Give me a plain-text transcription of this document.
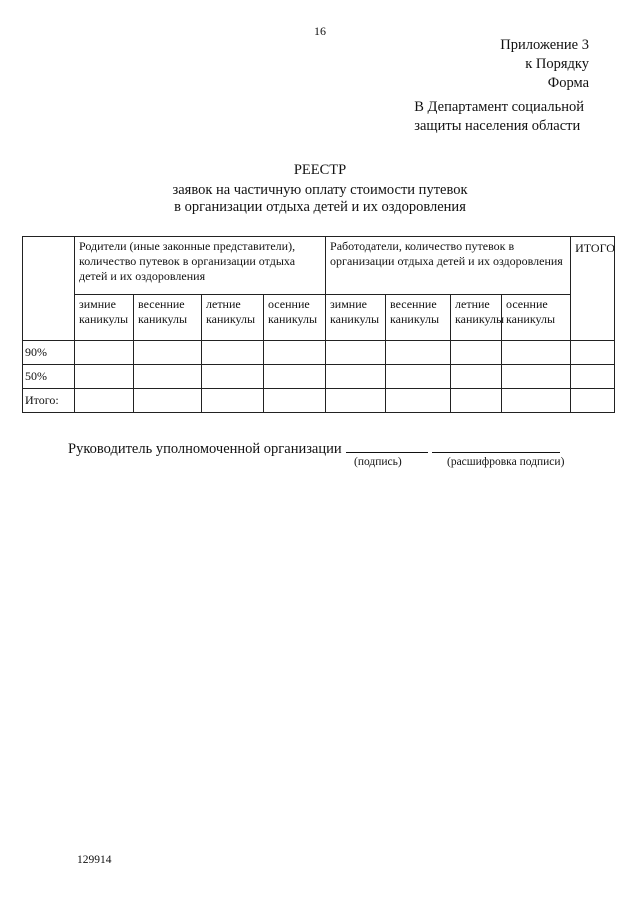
16
Приложение 3
к Порядку
Форма
В Департамент социальной
защиты населения области
РЕЕСТР
заявок на частичную оплату стоимости путевок
в организации отдыха детей и их оздоровления
	Родители (иные законные представители), количество путевок в организации отдыха детей и их оздоровления				Работодатели, количество путевок в организации отдыха детей и их оздоровления				ИТОГО
	зимние каникулы	весенние каникулы	летние каникулы	осенние каникулы	зимние каникулы	весенние каникулы	летние каникулы	осенние каникулы	
90%									
50%									
Итого:									
Руководитель уполномоченной организации
(подпись)	(расшифровка подписи)
129914
